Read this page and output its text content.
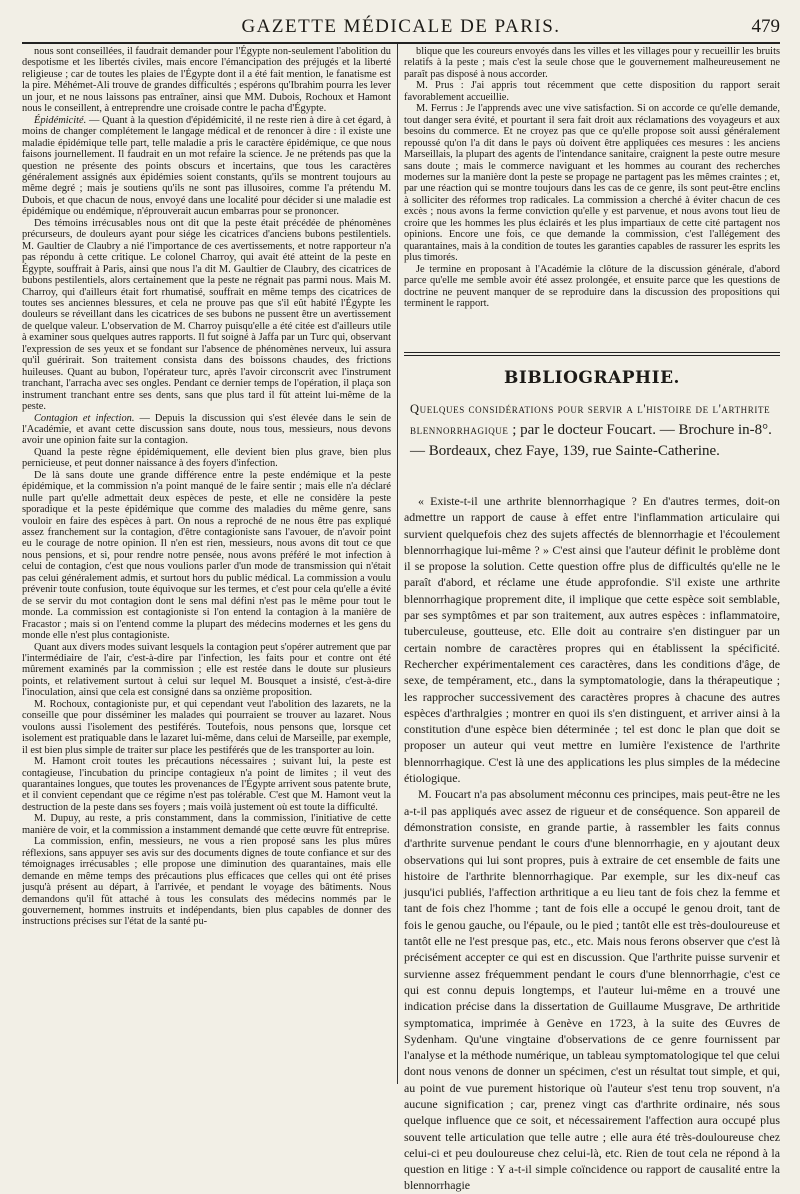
GAZETTE MÉDICALE DE PARIS.	479

nous sont conseillées, il faudrait demander pour l'Égypte non-seulement l'abolition du despotisme et les libertés civiles, mais encore l'émancipation des préjugés et la liberté religieuse ; car de toutes les plaies de l'Égypte dont il a été fait mention, le fanatisme est la pire. Méhémet-Ali trouve de grandes difficultés ; espérons qu'Ibrahim pourra les lever un jour, et ne nous laissons pas entraîner, ainsi que MM. Dubois, Rochoux et Hamont nous le conseillent, à entreprendre une croisade contre le pacha d'Égypte.

Épidémicité. — Quant à la question d'épidémicité, il ne reste rien à dire à cet égard, à moins de changer complétement le langage médical et de renoncer à dire : il existe une maladie épidémique telle part, telle maladie a pris le caractère épidémique, ce que nous faisons journellement. Il faudrait en un mot refaire la science. Je ne prétends pas que la question ne présente des points obscurs et incertains, que tous les caractères généralement assignés aux épidémies soient constants, qu'ils se montrent toujours au même degré ; mais je soutiens qu'ils ne sont pas illusoires, comme l'a prétendu M. Dubois, et que chacun de nous, envoyé dans une localité pour décider si une maladie est épidémique ou endémique, n'éprouverait aucun embarras pour se prononcer.

Des témoins irrécusables nous ont dit que la peste était précédée de phénomènes précurseurs, de douleurs ayant pour siége les cicatrices d'anciens bubons pestilentiels. M. Gaultier de Claubry a nié l'importance de ces avertissements, et notre rapporteur n'a pas répondu à cette critique. Le colonel Charroy, qui avait été atteint de la peste en Égypte, souffrait à Paris, ainsi que nous l'a dit M. Gaultier de Claubry, des cicatrices de bubons pestilentiels, alors certainement que la peste ne régnait pas parmi nous. Mais M. Charroy, qui d'ailleurs était fort rhumatisé, souffrait en même temps des cicatrices de toutes ses anciennes blessures, et cela ne prouve pas que s'il eût habité l'Égypte les douleurs se réveillant dans les cicatrices de ses bubons ne pussent être un avertissement de quelque valeur. L'observation de M. Charroy puisqu'elle a été citée est d'ailleurs utile à examiner sous quelques autres rapports. Il fut soigné à Jaffa par un Turc qui, observant l'expression de ses yeux et se fondant sur l'absence de phénomènes nerveux, lui assura qu'il guérirait. Son traitement consista dans des boissons chaudes, des frictions huileuses. Quant au bubon, l'opérateur turc, après l'avoir circonscrit avec l'instrument tranchant, l'arracha avec ses ongles. Pendant ce dernier temps de l'opération, il plaça son instrument tranchant entre ses dents, sans que plus tard il fût atteint lui-même de la peste.

Contagion et infection. — Depuis la discussion qui s'est élevée dans le sein de l'Académie, et avant cette discussion sans doute, nous tous, messieurs, nous devons avoir une opinion faite sur la contagion.

Quand la peste règne épidémiquement, elle devient bien plus grave, bien plus pernicieuse, et peut donner naissance à des foyers d'infection.

De là sans doute une grande différence entre la peste endémique et la peste épidémique, et la commission n'a point manqué de le faire sentir ; mais elle n'a déclaré nulle part qu'elle admettait deux espèces de peste, et elle ne considère la peste sporadique et la peste épidémique que comme des maladies du même genre, sans vouloir en faire des espèces à part. On nous a reproché de ne nous être pas expliqué assez franchement sur la contagion, d'être contagioniste sans l'avouer, de n'avoir point eu le courage de notre opinion. Il n'en est rien, messieurs, nous avons dit tout ce que nous pensions, et si, pour rendre notre pensée, nous avons préféré le mot infection à celui de contagion, c'est que nous voulions parler d'un mode de transmission qui n'était pas celui généralement admis, et surtout hors du public médical. La commission a voulu prévenir toute confusion, toute équivoque sur les termes, et c'est pour cela qu'elle a évité de se servir du mot contagion dont le sens mal défini n'est pas le même pour tout le monde. La commission est contagioniste si l'on entend la contagion à la manière de Fracastor ; mais si on l'entend comme la plupart des médecins modernes et les gens du monde elle n'est plus contagioniste.

Quant aux divers modes suivant lesquels la contagion peut s'opérer autrement que par l'intermédiaire de l'air, c'est-à-dire par l'infection, les faits pour et contre ont été mûrement examinés par la commission ; elle est restée dans le doute sur plusieurs points, et relativement surtout à celui sur lequel M. Bousquet a insisté, c'est-à-dire l'inoculation, ainsi que cela est consigné dans sa onzième proposition.

M. Rochoux, contagioniste pur, et qui cependant veut l'abolition des lazarets, ne la conseille que pour disséminer les malades qui pourraient se trouver au lazaret. Nous voulons aussi l'isolement des pestiférés. Toutefois, nous pensons que, lorsque cet isolement est pratiquable dans le lazaret lui-même, dans celui de Marseille, par exemple, il est bien plus simple de traiter sur place les pestiférés que de les transporter au loin.

M. Hamont croit toutes les précautions nécessaires ; suivant lui, la peste est contagieuse, l'incubation du principe contagieux n'a point de limites ; il veut des quarantaines longues, que toutes les provenances de l'Égypte arrivent sous patente brute, et il convient cependant que ce régime n'est pas tolérable. C'est que M. Hamont veut la destruction de la peste dans ses foyers ; mais voilà justement où est toute la difficulté.

M. Dupuy, au reste, a pris constamment, dans la commission, l'initiative de cette manière de voir, et la commission a instamment demandé que cette œuvre fût entreprise.

La commission, enfin, messieurs, ne vous a rien proposé sans les plus mûres réflexions, sans appuyer ses avis sur des documents dignes de toute confiance et sur des témoignages irrécusables ; elle propose une diminution des quarantaines, mais elle demande en même temps des précautions plus efficaces que celles qui ont été prises jusqu'à présent au départ, à l'arrivée, et pendant le voyage des bâtiments. Nous demandons qu'il fût attaché à tous les consulats des médecins nommés par le gouvernement, hommes instruits et indépendants, bien plus capables de donner des instructions précises sur l'état de la santé pu-

blique que les coureurs envoyés dans les villes et les villages pour y recueillir les bruits relatifs à la peste ; mais c'est la seule chose que le gouvernement malheureusement ne paraît pas disposé à nous accorder.

M. Prus : J'ai appris tout récemment que cette disposition du rapport serait favorablement accueillie.

M. Ferrus : Je l'apprends avec une vive satisfaction. Si on accorde ce qu'elle demande, tout danger sera évité, et pourtant il sera fait droit aux réclamations des voyageurs et aux besoins du commerce. Et ne croyez pas que ce qu'elle propose soit aussi généralement repoussé qu'on l'a dit dans le pays où doivent être appliquées ces mesures : les anciens Marseillais, la plupart des agents de l'intendance sanitaire, craignent la peste outre mesure sans doute ; mais le commerce naviguant et les hommes au courant des recherches modernes sur la manière dont la peste se propage ne partagent pas les mêmes craintes ; et, par une réaction qui se montre toujours dans les cas de ce genre, ils sont peut-être enclins à solliciter des réformes trop radicales. La commission a cherché à éviter chacun de ces excès ; nous avons la ferme conviction qu'elle y est parvenue, et nous avons tout lieu de croire que les hommes les plus éclairés et les plus impartiaux de cette cité partagent nos opinions. Encore une fois, ce que demande la commission, c'est l'allégement des quarantaines, mais à la condition de toutes les garanties capables de rassurer les esprits les plus timorés.

Je termine en proposant à l'Académie la clôture de la discussion générale, d'abord parce qu'elle me semble avoir été assez prolongée, et ensuite parce que les questions de doctrine ne peuvent manquer de se reproduire dans la discussion des propositions qui terminent le rapport.

BIBLIOGRAPHIE.
Quelques considérations pour servir a l'histoire de l'arthrite blennorrhagique ; par le docteur Foucart. — Brochure in-8°. — Bordeaux, chez Faye, 139, rue Sainte-Catherine.

« Existe-t-il une arthrite blennorrhagique ? En d'autres termes, doit-on admettre un rapport de cause à effet entre l'inflammation articulaire qui survient quelquefois chez des sujets affectés de blennorrhagie et l'écoulement blennorrhagique lui-même ? » C'est ainsi que l'auteur définit le problème dont il se propose la solution. Cette question offre plus de difficultés qu'elle ne le paraît d'abord, et réclame une étude approfondie. S'il existe une arthrite blennorrhagique proprement dite, il implique que cette espèce soit semblable, par ses symptômes et par son traitement, aux autres espèces : inflammatoire, tuberculeuse, goutteuse, etc. Elle doit au contraire s'en distinguer par un certain nombre de caractères propres qui en établissent la spécificité. Rechercher expérimentalement ces caractères, dans les conditions d'âge, de sexe, de tempérament, etc., dans la symptomatologie, dans la thérapeutique ; les rapprocher successivement des caractères propres à chacune des autres espèces d'arthralgies ; montrer en quoi ils s'en distinguent, et arriver ainsi à la constitution d'une espèce bien déterminée ; tel est donc le plan que doit se proposer un auteur qui veut mettre en lumière l'existence de l'arthrite blennorrhagique. C'est là une des applications les plus simples de la médecine étiologique.

M. Foucart n'a pas absolument méconnu ces principes, mais peut-être ne les a-t-il pas appliqués avec assez de rigueur et de conséquence. Son appareil de démonstration consiste, en grande partie, à rassembler les faits connus d'arthrite survenue pendant le cours d'une blennorrhagie, en y ajoutant deux observations qui lui sont propres, puis à extraire de cet ensemble de faits une histoire de l'arthrite blennorrhagique. Par exemple, sur les dix-neuf cas jusqu'ici publiés, l'affection arthritique a eu lieu tant de fois chez la femme et tant de fois chez l'homme ; tant de fois elle a occupé le genou droit, tant de fois le genou gauche, ou l'épaule, ou le pied ; tantôt elle est très-douloureuse et tantôt elle ne l'est presque pas, etc., etc. Mais nous ferons observer que c'est là précisément accepter ce qui est en discussion. Que l'arthrite puisse survenir et survienne assez fréquemment pendant le cours d'une blennorrhagie, c'est ce qui est connu depuis longtemps, et l'auteur lui-même en a trouvé une indication précise dans la dissertation de Guillaume Musgrave, De arthritide symptomatica, imprimée à Genève en 1723, à la suite des Œuvres de Sydenham. Qu'une vingtaine d'observations de ce genre fournissent par l'analyse et la méthode numérique, un tableau symptomatologique tel que celui dont nous venons de donner un spécimen, c'est un résultat tout simple, et qui, au point de vue purement historique où l'auteur s'est tenu trop souvent, n'a aucune signification ; car, prenez vingt cas d'arthrite ordinaire, nés sous quelque influence que ce soit, et nécessairement l'affection aura occupé plus souvent telle articulation que telle autre ; elle aura été très-douloureuse chez celui-ci et peu douloureuse chez celui-là, etc. Rien de tout cela ne répond à la question en litige : Y a-t-il simple coïncidence ou rapport de causalité entre la blennorrhagie
